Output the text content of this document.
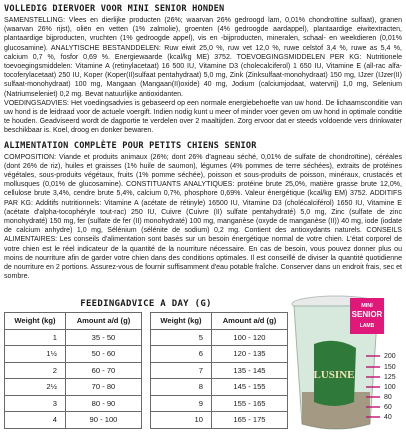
VOLLEDIG DIERVOER VOOR MINI SENIOR HONDEN

SAMENSTELLING: Vlees en dierlijke producten (26%; waarvan 26% gedroogd lam, 0,01% chondroïtine sulfaat), granen (waarvan 26% rijst), oliën en vetten (1% zalmolie), groenten (4% gedroogde aardappel), plantaardige eiwitextracten, plantaardige bijproducten, vruchten (1% gedroogde appel), vis en -bijproducten, mineralen, schaal- en weekdieren (0,01% glucosamine). ANALYTISCHE BESTANDDELEN: Ruw eiwit 25,0 %, ruw vet 12,0 %, ruwe celstof 3,4 %, ruwe as 5,4 %, calcium 0,7 %, fosfor 0,69 %. Energiewaarde (kcal/kg ME) 3752. TOEVOEGINGSMIDDELEN PER KG: Nutritionele toevoegingsmiddelen: Vitamine A (retinylacetaat) 16 500 IU, Vitamine D3 (cholecalciferol) 1 650 IU, Vitamine E (all-rac alfa-tocoferylacetaat) 250 IU, Koper (Koper(II)sulfaat pentahydraat) 5,0 mg, Zink (Zinksulfaat-monohydraat) 150 mg, IJzer (IJzer(II) sulfaat-monohydraat) 100 mg, Mangaan (Mangaan(II)oxide) 40 mg, Jodium (calciumjodaat, watervrij) 1,0 mg, Selenium (Natriumseleniet) 0,2 mg. Bevat natuurlijke antioxidanten.

VOEDINGSADVIES: Het voedingsadvies is gebaseerd op een normale energiebehoefte van uw hond. De lichaamsconditie van uw hond is de leidraad voor de actuele voergift. Indien nodig kunt u meer of minder voer geven om uw hond in optimale conditie te houden. Geadviseerd wordt de dagportie te verdelen over 2 maaltijden. Zorg ervoor dat er steeds voldoende vers drinkwater beschikbaar is. Koel, droog en donker bewaren.

ALIMENTATION COMPLÈTE POUR PETITS CHIENS SENIOR

COMPOSITION: Viande et produits animaux (26%; dont 26% d'agneau séché, 0,01% de sulfate de chondroïtine), céréales (dont 26% de riz), huiles et graisses (1% huile de saumon), légumes (4% pommes de terre séchées), extraits de protéines végétales, sous-produits végétaux, fruits (1% pomme séchée), poisson et sous-produits de poisson, minéraux, crustacés et mollusques (0,01% de glucosamine). CONSTITUANTS ANALYTIQUES: protéine brute 25,0%, matière grasse brute 12,0%, cellulose brute 3,4%, cendre brute 5,4%, calcium 0,7%, phosphore 0,69%. Valeur énergétique (kcal/kg EM) 3752. ADDITIFS PAR KG: Additifs nutritionnels: Vitamine A (acétate de rétinyle) 16500 IU, Vitamine D3 (cholécalciférol) 1650 IU, Vitamine E (acétate d'alpha-tocophéryle tout-rac) 250 IU, Cuivre (Cuivre (II) sulfate pentahydraté) 5,0 mg, Zinc (sulfate de zinc monohydraté) 150 mg, fer (sulfate de fer (II) monohydraté) 100 mg, manganèse (oxyde de manganèse (II)) 40 mg, iode (iodate de calcium anhydre) 1,0 mg, Sélénium (sélénite de sodium) 0,2 mg. Contient des antioxydants naturels. CONSEILS ALIMENTAIRES: Les conseils d'alimentation sont basés sur un besoin énergétique normal de votre chien. L'état corporel de votre chien est le réel indicateur de la quantité de la nourriture nécessaire. En cas de besoin, vous pouvez donner plus ou moins de nourriture afin de garder votre chien dans des conditions optimales. Il est conseillé de diviser la quantité quotidienne de nourriture en 2 portions. Assurez-vous de fournir suffisamment d'eau potable fraîche. Conserver dans un endroit frais, sec et sombre.

FEEDINGADVICE A DAY (G)
Weight (kg)	Amount a/d (g)		Weight (kg)	Amount a/d (g)
1	35 - 50		5	100 - 120
1½	50 - 60		6	120 - 135
2	60 - 70		7	135 - 145
2½	70 - 80		8	145 - 155
3	80 - 90		9	155 - 165
4	90 - 100		10	165 - 175
LUSINE
MINI
SENIOR
LAMB
200
150
125
100
80
60
40
